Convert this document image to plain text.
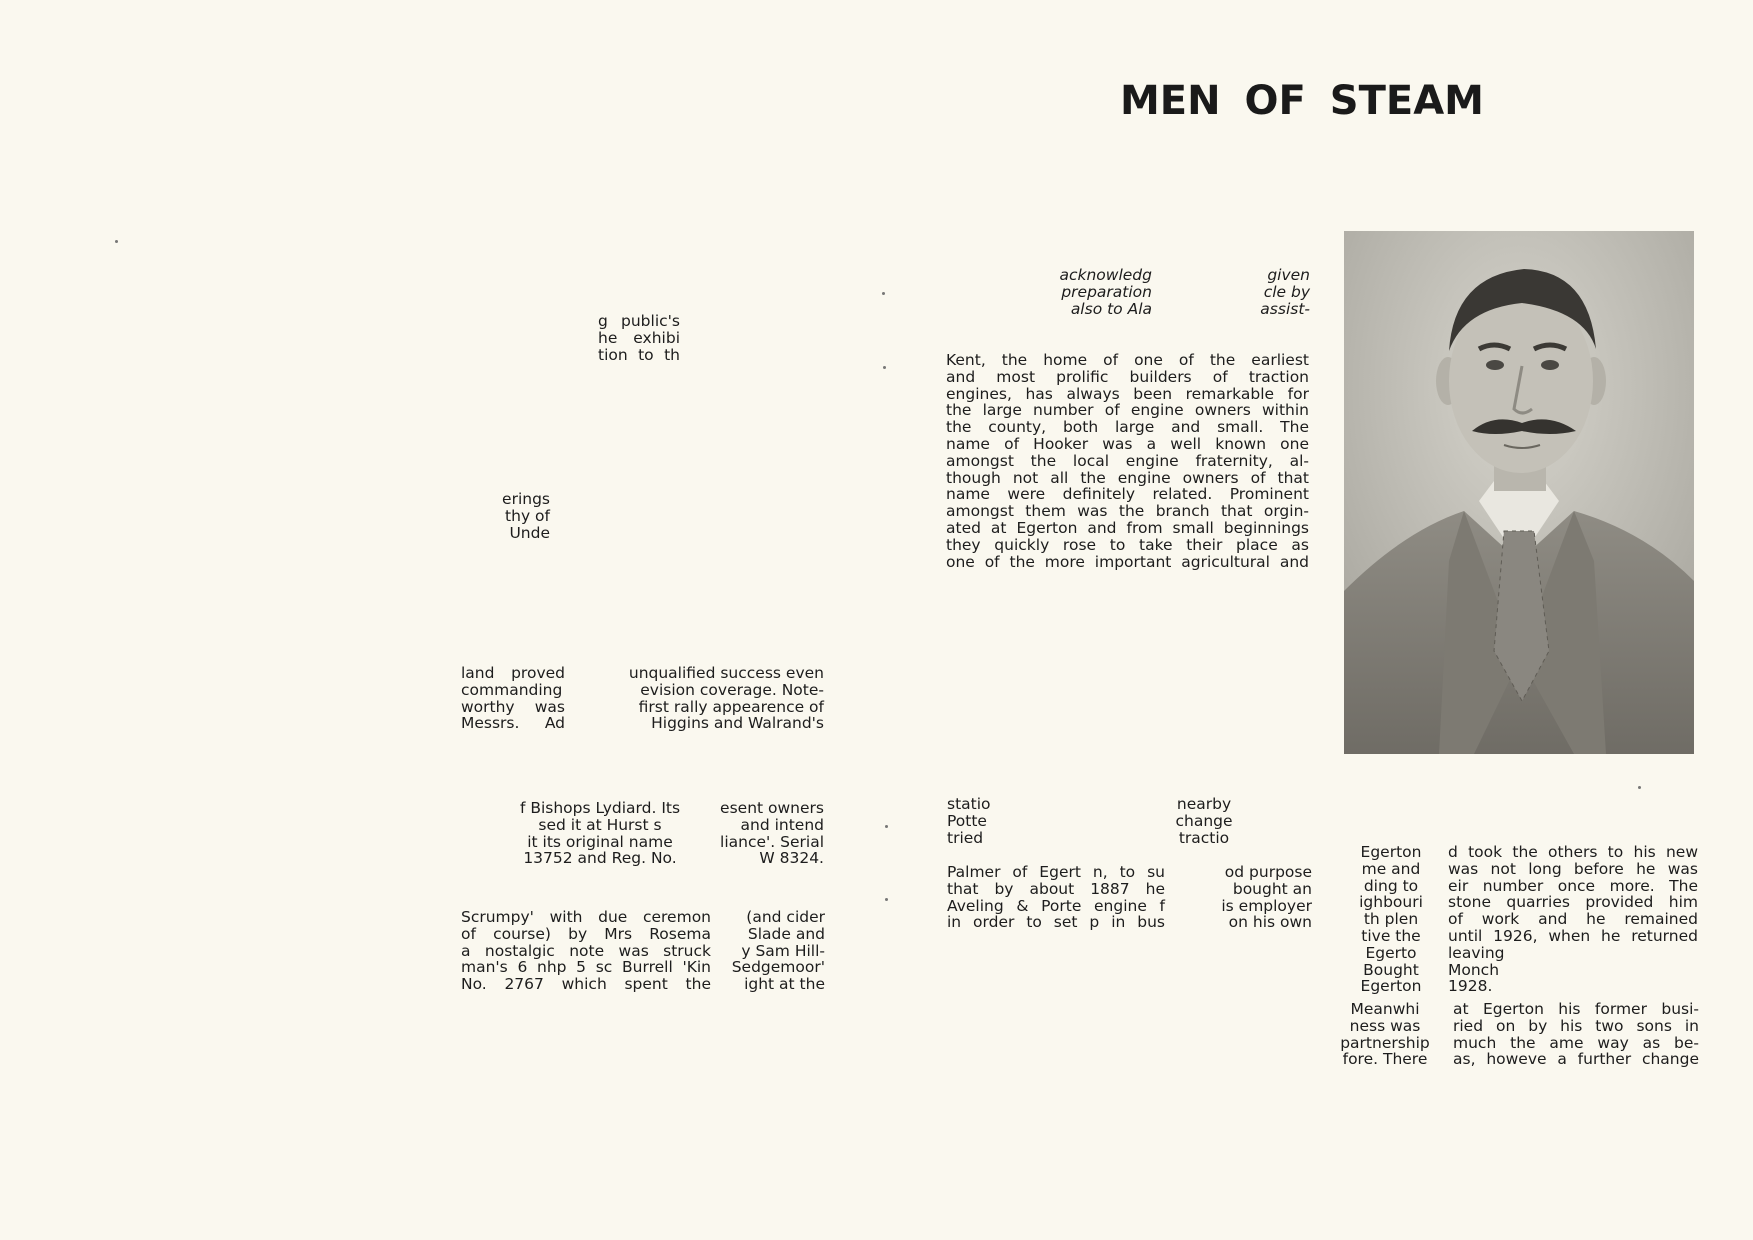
MEN OF STEAM
acknowledg
preparation
also to Ala
given
cle by
assist-
g public's
he exhibi
tion to th	Kent, the home of one of the earliest
and most prolific builders of traction
engines, has always been remarkable for
the large number of engine owners within
the county, both large and small. The
name of Hooker was a well known one
amongst the local engine fraternity, al-
though not all the engine owners of that
name were definitely related. Prominent
amongst them was the branch that orgin-
ated at Egerton and from small beginnings
they quickly rose to take their place as
one of the more important agricultural and
erings
thy of
Unde
land proved
commanding
worthy was
Messrs. Ad
unqualified success even
evision coverage. Note-
first rally appearence of
Higgins and Walrand's
f Bishops Lydiard. Its
sed it at Hurst s
it its original name
13752 and Reg. No.
esent owners
and intend
liance'. Serial
W 8324.
Scrumpy' with due ceremon
of course) by Mrs Rosema
a nostalgic note was struck
man's 6 nhp 5 sc Burrell 'Kin
No. 2767 which spent the
(and cider
Slade and
y Sam Hill-
Sedgemoor'
ight at the
statio
Potte
tried
nearby
change
tractio
Palmer of Egert n, to su
that by about 1887 he
Aveling & Porte engine f
in order to set p in bus
od purpose
bought an
is employer
on his own
Egerton
me and
ding to
ighbouri
th plen
tive the
Egerto
Bought
Egerton
d took the others to his new
was not long before he was
eir number once more. The
stone quarries provided him
of work and he remained
until 1926, when he returned
leaving
Monch
1928.
Meanwhi
ness was
partnership
fore. There
at Egerton his former busi-
ried on by his two sons in
much the ame way as be-
as, howeve a further change
